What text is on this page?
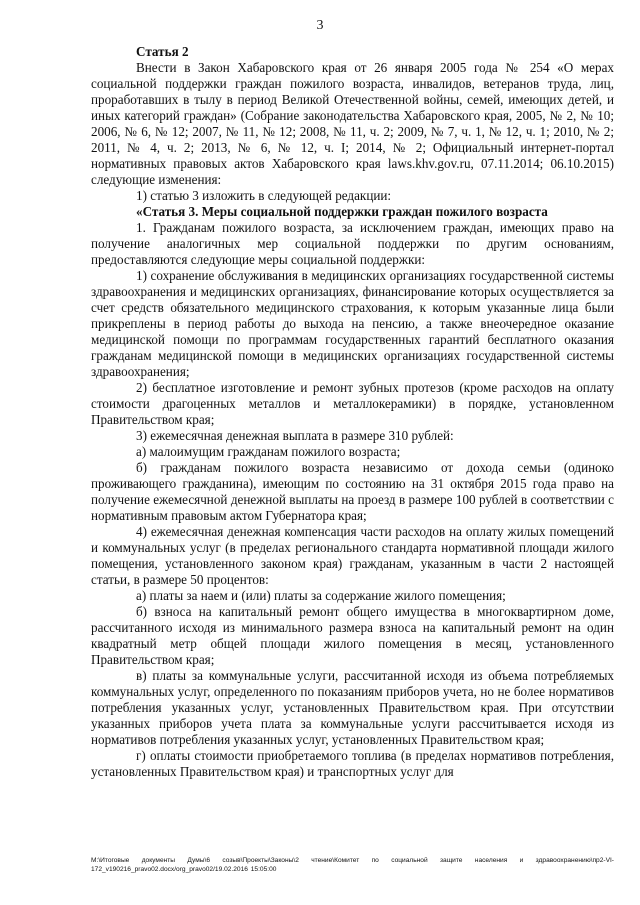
3

Статья 2

Внести в Закон Хабаровского края от 26 января 2005 года № 254 «О мерах социальной поддержки граждан пожилого возраста, инвалидов, ветеранов труда, лиц, проработавших в тылу в период Великой Отечественной войны, семей, имеющих детей, и иных категорий граждан» (Собрание законодательства Хабаровского края, 2005, № 2, № 10; 2006, № 6, № 12; 2007, № 11, № 12; 2008, № 11, ч. 2; 2009, № 7, ч. 1, № 12, ч. 1; 2010, № 2; 2011, № 4, ч. 2; 2013, № 6, № 12, ч. I; 2014, № 2; Официальный интернет-портал нормативных правовых актов Хабаровского края laws.khv.gov.ru, 07.11.2014; 06.10.2015) следующие изменения:

1) статью 3 изложить в следующей редакции:

«Статья 3. Меры социальной поддержки граждан пожилого возраста

1. Гражданам пожилого возраста, за исключением граждан, имеющих право на получение аналогичных мер социальной поддержки по другим основаниям, предоставляются следующие меры социальной поддержки:

1) сохранение обслуживания в медицинских организациях государственной системы здравоохранения и медицинских организациях, финансирование которых осуществляется за счет средств обязательного медицинского страхования, к которым указанные лица были прикреплены в период работы до выхода на пенсию, а также внеочередное оказание медицинской помощи по программам государственных гарантий бесплатного оказания гражданам медицинской помощи в медицинских организациях государственной системы здравоохранения;

2) бесплатное изготовление и ремонт зубных протезов (кроме расходов на оплату стоимости драгоценных металлов и металлокерамики) в порядке, установленном Правительством края;

3) ежемесячная денежная выплата в размере 310 рублей:

а) малоимущим гражданам пожилого возраста;

б) гражданам пожилого возраста независимо от дохода семьи (одиноко проживающего гражданина), имеющим по состоянию на 31 октября 2015 года право на получение ежемесячной денежной выплаты на проезд в размере 100 рублей в соответствии с нормативным правовым актом Губернатора края;

4) ежемесячная денежная компенсация части расходов на оплату жилых помещений и коммунальных услуг (в пределах регионального стандарта нормативной площади жилого помещения, установленного законом края) гражданам, указанным в части 2 настоящей статьи, в размере 50 процентов:

а) платы за наем и (или) платы за содержание жилого помещения;

б) взноса на капитальный ремонт общего имущества в многоквартирном доме, рассчитанного исходя из минимального размера взноса на капитальный ремонт на один квадратный метр общей площади жилого помещения в месяц, установленного Правительством края;

в) платы за коммунальные услуги, рассчитанной исходя из объема потребляемых коммунальных услуг, определенного по показаниям приборов учета, но не более нормативов потребления указанных услуг, установленных Правительством края. При отсутствии указанных приборов учета плата за коммунальные услуги рассчитывается исходя из нормативов потребления указанных услуг, установленных Правительством края;

г) оплаты стоимости приобретаемого топлива (в пределах нормативов потребления, установленных Правительством края) и транспортных услуг для

M:\Итоговые документы Думы\6 созыв\Проекты\Законы\2 чтение\Комитет по социальной защите населения и здравоохранению\пр2-VI-172_v190216_pravo02.docx/org_pravo02/19.02.2016 15:05:00
